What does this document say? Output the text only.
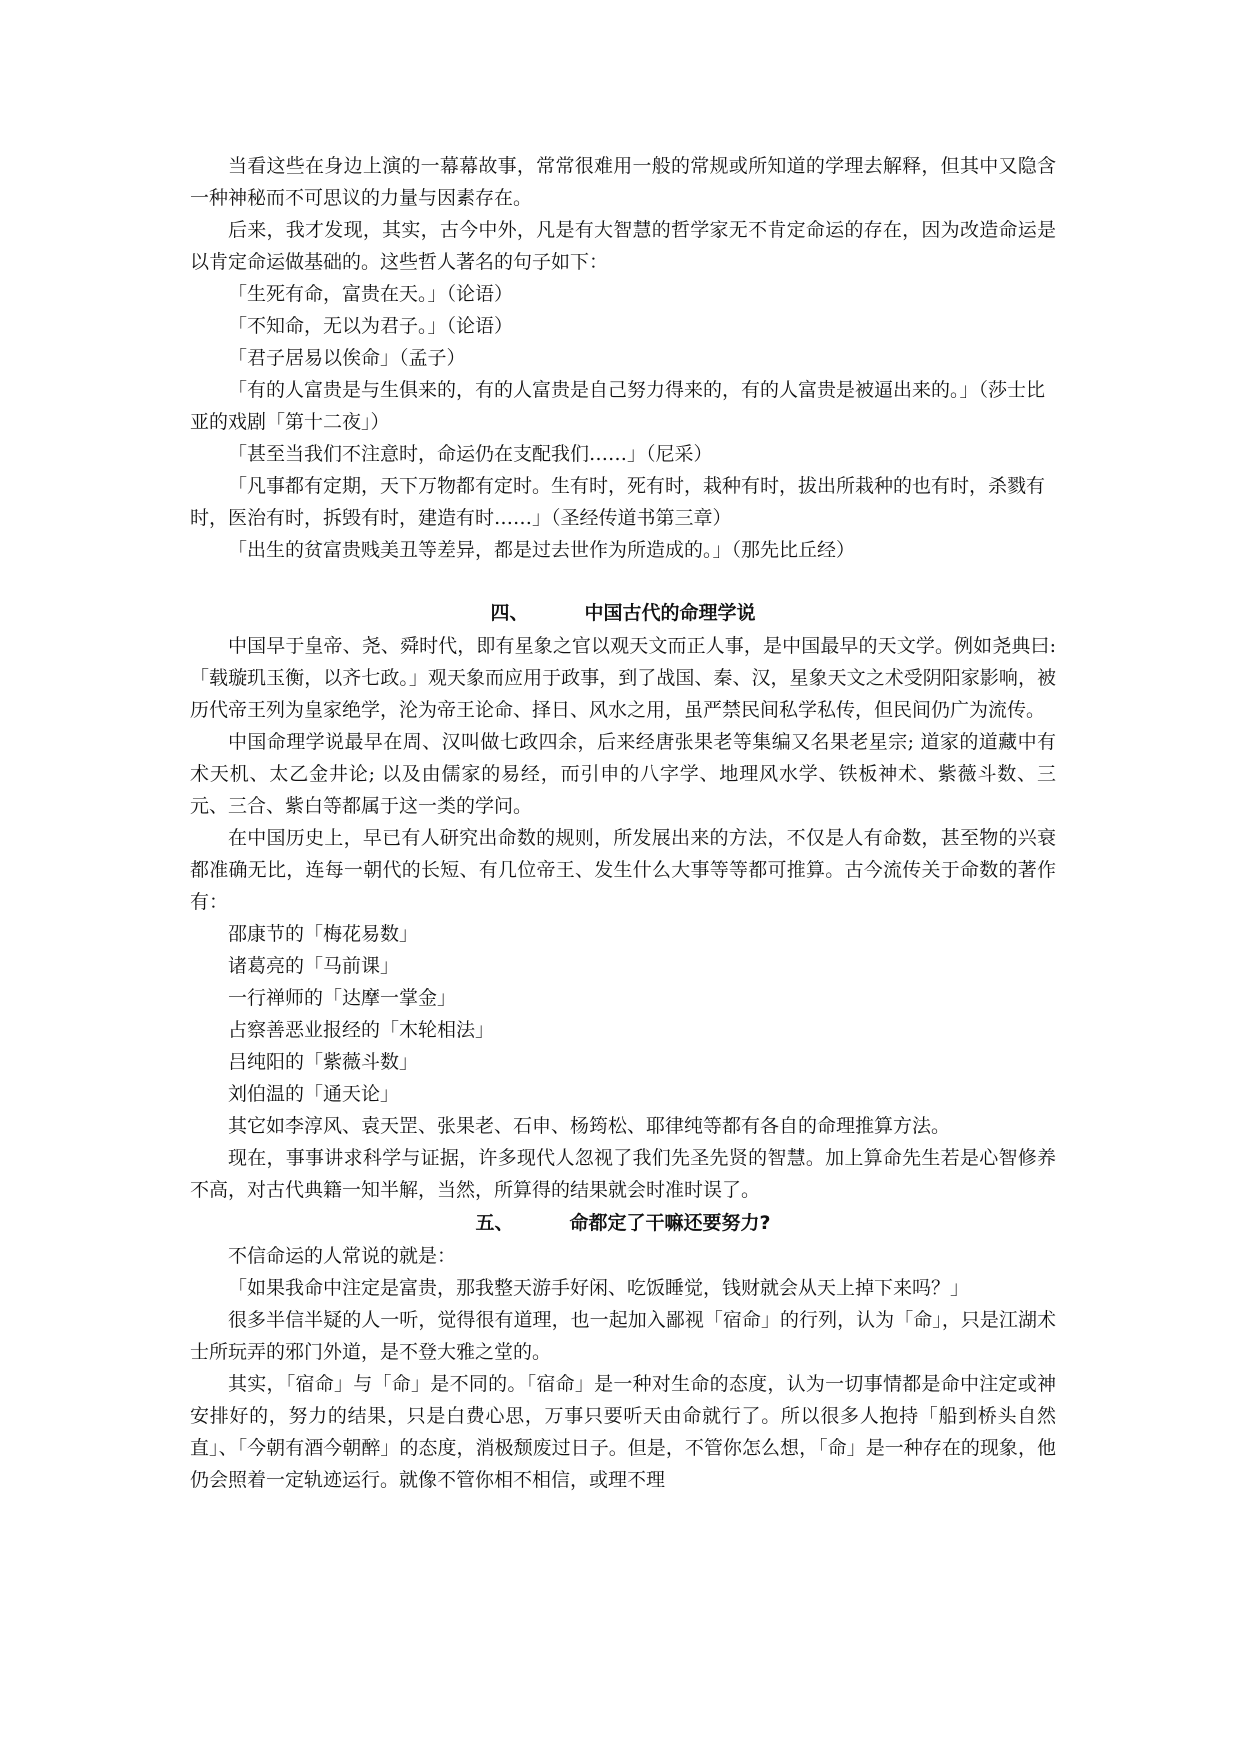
当看这些在身边上演的一幕幕故事，常常很难用一般的常规或所知道的学理去解释，但其中又隐含一种神秘而不可思议的力量与因素存在。

后来，我才发现，其实，古今中外，凡是有大智慧的哲学家无不肯定命运的存在，因为改造命运是以肯定命运做基础的。这些哲人著名的句子如下：

「生死有命，富贵在天。」（论语）

「不知命，无以为君子。」（论语）

「君子居易以俟命」（孟子）

「有的人富贵是与生俱来的，有的人富贵是自己努力得来的，有的人富贵是被逼出来的。」（莎士比亚的戏剧「第十二夜」）

「甚至当我们不注意时，命运仍在支配我们……」（尼采）

「凡事都有定期，天下万物都有定时。生有时，死有时，栽种有时，拔出所栽种的也有时，杀戮有时，医治有时，拆毁有时，建造有时……」（圣经传道书第三章）

「出生的贫富贵贱美丑等差异，都是过去世作为所造成的。」（那先比丘经）

四、	中国古代的命理学说

中国早于皇帝、尧、舜时代，即有星象之官以观天文而正人事，是中国最早的天文学。例如尧典曰:「载璇玑玉衡，以齐七政。」观天象而应用于政事，到了战国、秦、汉，星象天文之术受阴阳家影响，被历代帝王列为皇家绝学，沦为帝王论命、择日、风水之用，虽严禁民间私学私传，但民间仍广为流传。

中国命理学说最早在周、汉叫做七政四余，后来经唐张果老等集编又名果老星宗; 道家的道藏中有术天机、太乙金井论; 以及由儒家的易经，而引申的八字学、地理风水学、铁板神术、紫薇斗数、三元、三合、紫白等都属于这一类的学问。

在中国历史上，早已有人研究出命数的规则，所发展出来的方法，不仅是人有命数，甚至物的兴衰都准确无比，连每一朝代的长短、有几位帝王、发生什么大事等等都可推算。古今流传关于命数的著作有：

邵康节的「梅花易数」

诸葛亮的「马前课」

一行禅师的「达摩一掌金」

占察善恶业报经的「木轮相法」

吕纯阳的「紫薇斗数」

刘伯温的「通天论」

其它如李淳风、袁天罡、张果老、石申、杨筠松、耶律纯等都有各自的命理推算方法。

现在，事事讲求科学与证据，许多现代人忽视了我们先圣先贤的智慧。加上算命先生若是心智修养不高，对古代典籍一知半解，当然，所算得的结果就会时准时误了。

五、	命都定了干嘛还要努力?

不信命运的人常说的就是：

「如果我命中注定是富贵，那我整天游手好闲、吃饭睡觉，钱财就会从天上掉下来吗？」

很多半信半疑的人一听，觉得很有道理，也一起加入鄙视「宿命」的行列，认为「命」，只是江湖术士所玩弄的邪门外道，是不登大雅之堂的。

其实，「宿命」与「命」是不同的。「宿命」是一种对生命的态度，认为一切事情都是命中注定或神安排好的，努力的结果，只是白费心思，万事只要听天由命就行了。所以很多人抱持「船到桥头自然直」、「今朝有酒今朝醉」的态度，消极颓废过日子。但是，不管你怎么想，「命」是一种存在的现象，他仍会照着一定轨迹运行。就像不管你相不相信，或理不理
